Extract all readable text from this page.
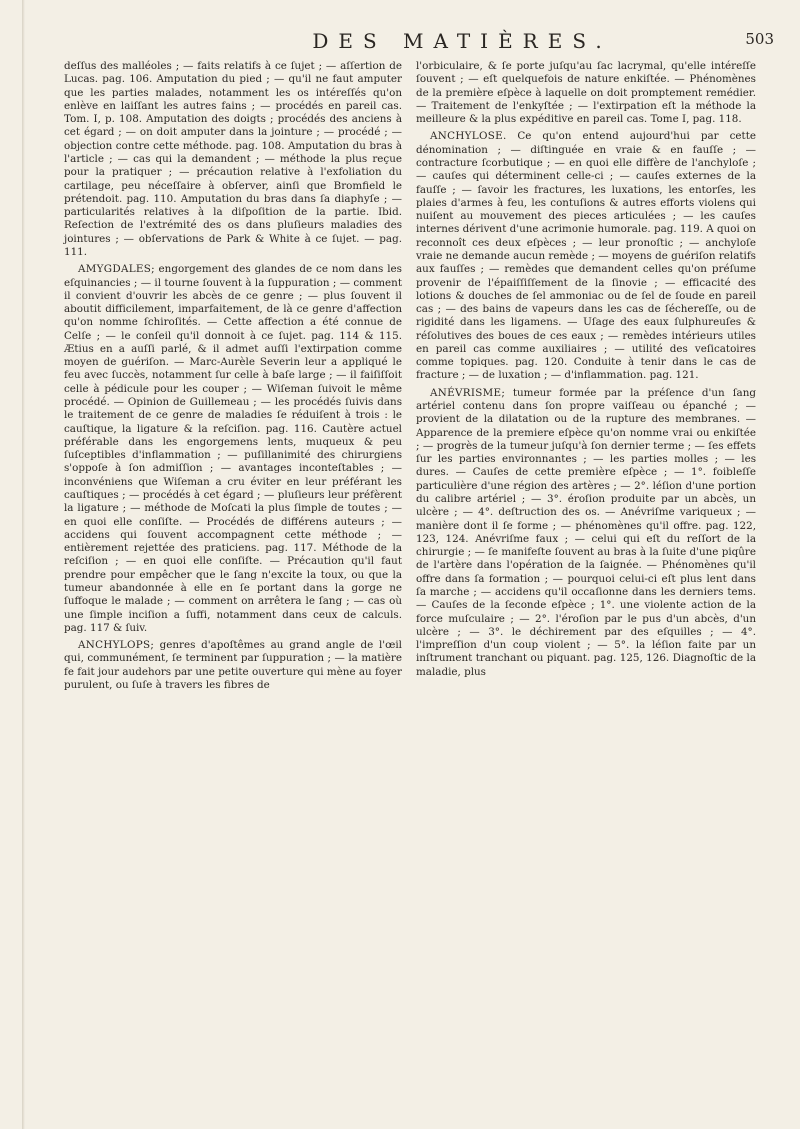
DES MATIÈRES.	503

deſſus des malléoles ; — faits relatifs à ce ſujet ; — aſſertion de Lucas. pag. 106. Amputation du pied ; — qu'il ne faut amputer que les parties malades, notamment les os intéreſſés qu'on enlève en laiſſant les autres fains ; — procédés en pareil cas. Tom. I, p. 108. Amputation des doigts ; procédés des anciens à cet égard ; — on doit amputer dans la jointure ; — procédé ; — objection contre cette méthode. pag. 108. Amputation du bras à l'article ; — cas qui la demandent ; — méthode la plus reçue pour la pratiquer ; — précaution relative à l'exfoliation du cartilage, peu néceſſaire à obſerver, ainſi que Bromfield le prétendoit. pag. 110. Amputation du bras dans ſa diaphyſe ; — particularités relatives à la diſpoſition de la partie. Ibid. Reſection de l'extrémité des os dans pluſieurs maladies des jointures ; — obſervations de Park & White à ce ſujet. — pag. 111.

AMYGDALES; engorgement des glandes de ce nom dans les eſquinancies ; — il tourne ſouvent à la ſuppuration ; — comment il convient d'ouvrir les abcès de ce genre ; — plus ſouvent il aboutit difficilement, imparfaitement, de là ce genre d'affection qu'on nomme ſchiroſités. — Cette affection a été connue de Celſe ; — le conſeil qu'il donnoit à ce ſujet. pag. 114 & 115. Ætius en a auſſi parlé, & il admet auſſi l'extirpation comme moyen de guériſon. — Marc-Aurèle Severin leur a appliqué le feu avec ſuccès, notamment ſur celle à baſe large ; — il faiſiſſoit celle à pédicule pour les couper ; — Wiſeman ſuivoit le même procédé. — Opinion de Guillemeau ; — les procédés ſuivis dans le traitement de ce genre de maladies ſe réduiſent à trois : le cauſtique, la ligature & la reſciſion. pag. 116. Cautère actuel préférable dans les engorgemens lents, muqueux & peu ſuſceptibles d'inflammation ; — puſillanimité des chirurgiens s'oppoſe à ſon admiſſion ; — avantages inconteſtables ; — inconvéniens que Wiſeman a cru éviter en leur préférant les cauſtiques ; — procédés à cet égard ; — pluſieurs leur préfèrent la ligature ; — méthode de Moſcati la plus ſimple de toutes ; — en quoi elle conſiſte. — Procédés de différens auteurs ; — accidens qui ſouvent accompagnent cette méthode ; — entièrement rejettée des praticiens. pag. 117. Méthode de la reſciſion ; — en quoi elle conſiſte. — Précaution qu'il faut prendre pour empêcher que le ſang n'excite la toux, ou que la tumeur abandonnée à elle en ſe portant dans la gorge ne ſuffoque le malade ; — comment on arrêtera le ſang ; — cas où une ſimple inciſion a ſuffi, notamment dans ceux de calculs. pag. 117 & ſuiv.

ANCHYLOPS; genres d'apoſtêmes au grand angle de l'œil qui, communément, ſe terminent par ſuppuration ; — la matière fe fait jour audehors par une petite ouverture qui mène au foyer purulent, ou ſuſe à travers les fibres de

l'orbiculaire, & ſe porte juſqu'au ſac lacrymal, qu'elle intéreſſe ſouvent ; — eſt quelquefois de nature enkiſtée. — Phénomènes de la première eſpèce à laquelle on doit promptement remédier. — Traitement de l'enkyſtée ; — l'extirpation eſt la méthode la meilleure & la plus expéditive en pareil cas. Tome I, pag. 118.

ANCHYLOSE. Ce qu'on entend aujourd'hui par cette dénomination ; — diſtinguée en vraie & en fauſſe ; — contracture ſcorbutique ; — en quoi elle diffère de l'anchyloſe ; — cauſes qui déterminent celle-ci ; — cauſes externes de la fauſſe ; — ſavoir les fractures, les luxations, les entorſes, les plaies d'armes à feu, les contuſions & autres efforts violens qui nuiſent au mouvement des pieces articulées ; — les cauſes internes dérivent d'une acrimonie humorale. pag. 119. A quoi on reconnoît ces deux eſpèces ; — leur pronoſtic ; — anchyloſe vraie ne demande aucun remède ; — moyens de guériſon relatifs aux fauſſes ; — remèdes que demandent celles qu'on préſume provenir de l'épaiſſiſſement de la ſinovie ; — efficacité des lotions & douches de ſel ammoniac ou de ſel de ſoude en pareil cas ; — des bains de vapeurs dans les cas de ſéchereſſe, ou de rigidité dans les ligamens. — Uſage des eaux ſulphureuſes & réſolutives des boues de ces eaux ; — remèdes intérieurs utiles en pareil cas comme auxiliaires ; — utilité des veſicatoires comme topiques. pag. 120. Conduite à tenir dans le cas de fracture ; — de luxation ; — d'inflammation. pag. 121.

ANÉVRISME; tumeur formée par la préſence d'un ſang artériel contenu dans ſon propre vaiſſeau ou épanché ; — provient de la dilatation ou de la rupture des membranes. — Apparence de la premiere eſpèce qu'on nomme vrai ou enkiſtée ; — progrès de la tumeur juſqu'à ſon dernier terme ; — ſes effets ſur les parties environnantes ; — les parties molles ; — les dures. — Cauſes de cette première eſpèce ; — 1°. foibleſſe particulière d'une région des artères ; — 2°. léſion d'une portion du calibre artériel ; — 3°. éroſion produite par un abcès, un ulcère ; — 4°. deſtruction des os. — Anévriſme variqueux ; — manière dont il ſe forme ; — phénomènes qu'il offre. pag. 122, 123, 124. Anévriſme faux ; — celui qui eſt du reſſort de la chirurgie ; — ſe manifeſte ſouvent au bras à la ſuite d'une piqûre de l'artère dans l'opération de la ſaignée. — Phénomènes qu'il offre dans ſa formation ; — pourquoi celui-ci eſt plus lent dans ſa marche ; — accidens qu'il occaſionne dans les derniers tems. — Cauſes de la ſeconde eſpèce ; 1°. une violente action de la force muſculaire ; — 2°. l'éroſion par le pus d'un abcès, d'un ulcère ; — 3°. le déchirement par des eſquilles ; — 4°. l'impreſſion d'un coup violent ; — 5°. la léſion faite par un inſtrument tranchant ou piquant. pag. 125, 126. Diagnoſtic de la maladie, plus
